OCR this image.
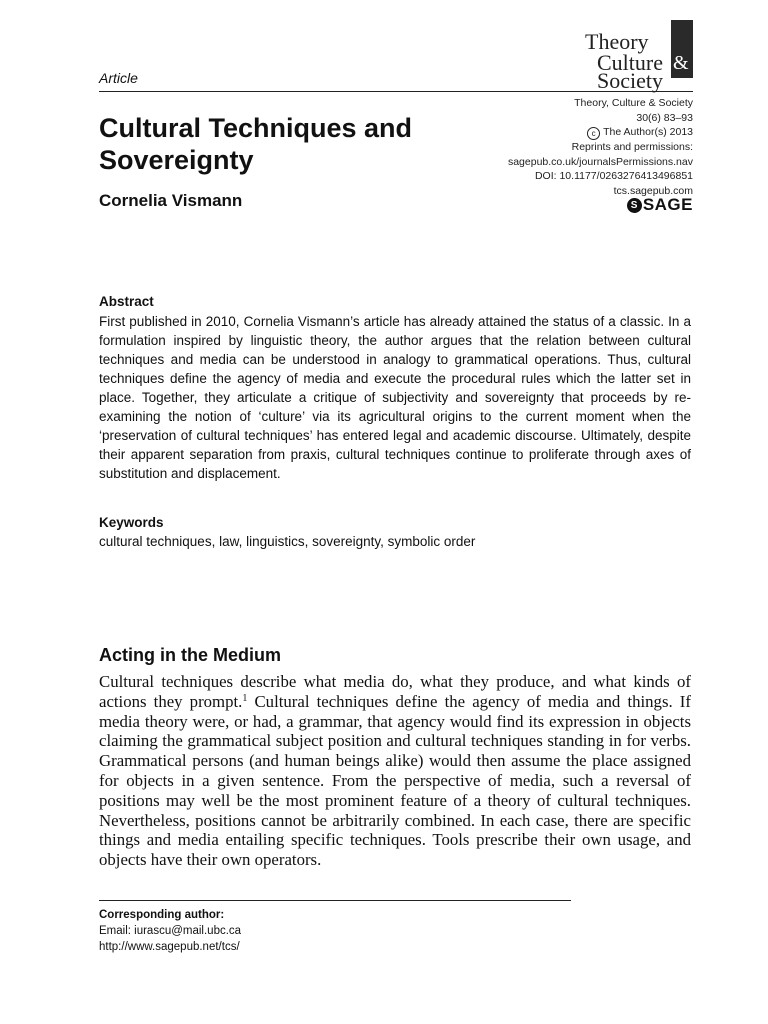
Article
Theory
Culture
Society
&
Theory, Culture & Society
30(6) 83–93
c The Author(s) 2013
Reprints and permissions:
sagepub.co.uk/journalsPermissions.nav
DOI: 10.1177/0263276413496851
tcs.sagepub.com
S SAGE
Cultural Techniques and Sovereignty
Cornelia Vismann
Abstract
First published in 2010, Cornelia Vismann’s article has already attained the status of a classic. In a formulation inspired by linguistic theory, the author argues that the relation between cultural techniques and media can be understood in analogy to grammatical operations. Thus, cultural techniques define the agency of media and execute the procedural rules which the latter set in place. Together, they articulate a critique of subjectivity and sovereignty that proceeds by re-examining the notion of ‘culture’ via its agricultural origins to the current moment when the ‘preservation of cultural techniques’ has entered legal and academic discourse. Ultimately, despite their apparent separation from praxis, cultural techniques continue to proliferate through axes of substitution and displacement.
Keywords
cultural techniques, law, linguistics, sovereignty, symbolic order
Acting in the Medium
Cultural techniques describe what media do, what they produce, and what kinds of actions they prompt.$^1$ Cultural techniques define the agency of media and things. If media theory were, or had, a grammar, that agency would find its expression in objects claiming the grammatical subject position and cultural techniques standing in for verbs. Grammatical persons (and human beings alike) would then assume the place assigned for objects in a given sentence. From the perspective of media, such a reversal of positions may well be the most prominent feature of a theory of cultural techniques. Nevertheless, positions cannot be arbitrarily combined. In each case, there are specific things and media entailing specific techniques. Tools prescribe their own usage, and objects have their own operators.
Corresponding author:
Email: iurascu@mail.ubc.ca
http://www.sagepub.net/tcs/
